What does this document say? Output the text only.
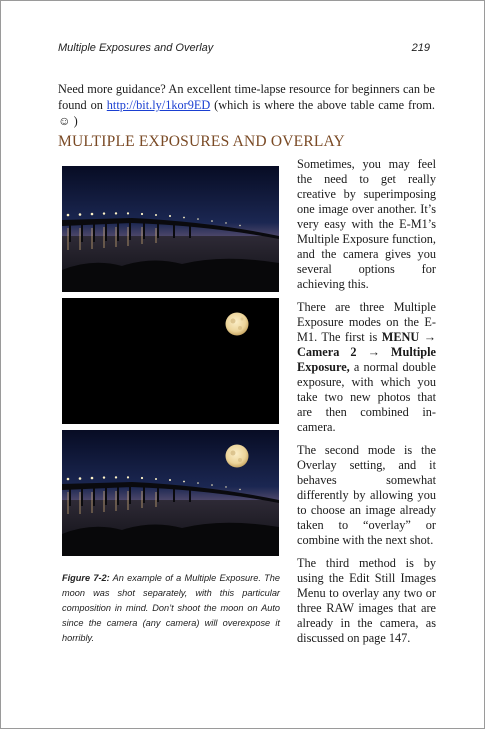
Multiple Exposures and Overlay	219

Need more guidance? An excellent time-lapse resource for beginners can be found on http://bit.ly/1kor9ED (which is where the above table came from. ☺ )

MULTIPLE EXPOSURES AND OVERLAY

Figure 7-2: An example of a Multiple Exposure. The moon was shot separately, with this particular composition in mind. Don’t shoot the moon on Auto since the camera (any camera) will overexpose it horribly.

Sometimes, you may feel the need to get really creative by superimposing one image over another. It’s very easy with the E-M1’s Multiple Exposure function, and the camera gives you several options for achieving this.

There are three Multiple Exposure modes on the E-M1. The first is MENU → Camera 2 → Multiple Exposure, a normal double exposure, with which you take two new photos that are then combined in-camera.

The second mode is the Overlay setting, and it behaves somewhat differently by allowing you to choose an image already taken to “overlay” or combine with the next shot.

The third method is by using the Edit Still Images Menu to overlay any two or three RAW images that are already in the camera, as discussed on page 147.
